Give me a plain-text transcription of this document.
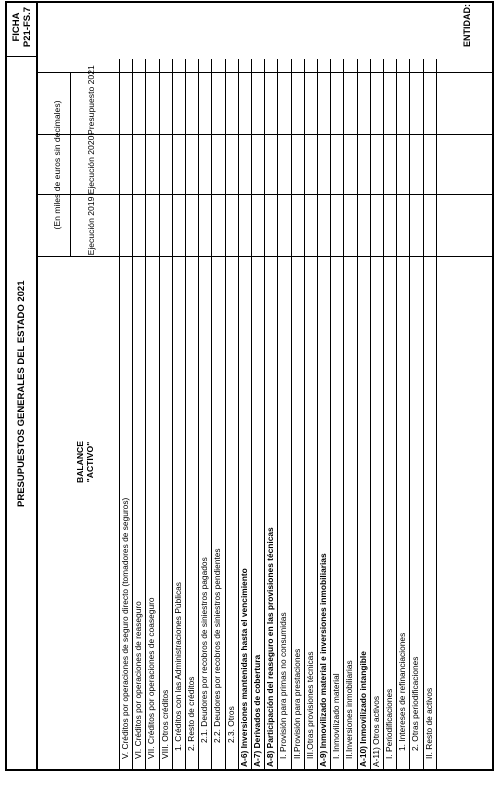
PRESUPUESTOS GENERALES DEL ESTADO 2021
FICHA P21-FS.7	ENTIDAD:
BALANCE "ACTIVO"
(En miles de euros sin decimales)	Ejecución 2019
Ejecución 2020
Presupuesto 2021
V. Créditos por operaciones de seguro directo (tomadores de seguros) VI. Créditos por operaciones de reaseguro VII. Créditos por operaciones de coaseguro VIII. Otros créditos 1. Créditos con las Administraciones Públicas 2. Resto de créditos 2.1. Deudores por recobros de siniestros pagados 2.2. Deudores por recobros de siniestros pendientes 2.3. Otros A-6) Inversiones mantenidas hasta el vencimiento A-7) Derivados de cobertura A-8) Participación del reaseguro en las provisiones técnicas I. Provisión para primas no consumidas II.Provisión para prestaciones III.Otras provisiones técnicas A-9) Inmovilizado material e inversiones inmobiliarias I. Inmovilizado material II.Inversiones inmobiliarias A-10) Inmovilizado intangible A-11) Otros activos I. Periodificaciones 1. Intereses de refinanciaciones 2. Otras periodificaciones II. Resto de activos
